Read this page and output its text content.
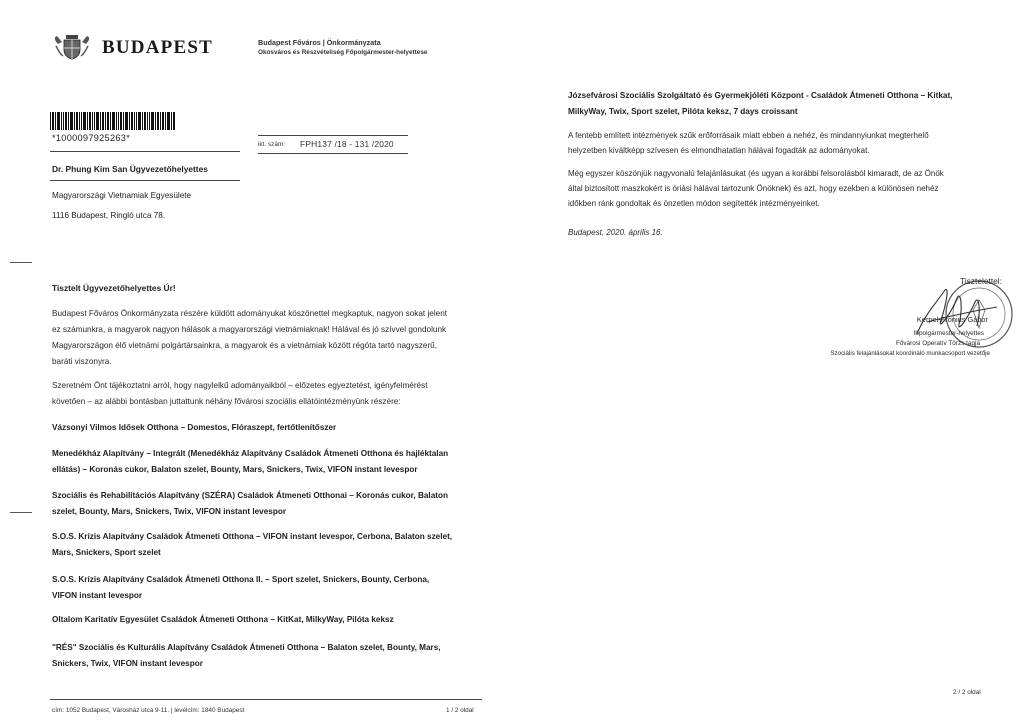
BUDAPEST	Budapest Főváros | Önkormányzata
Okosváros és Részvételiség Főpolgármester-helyettese
*1000097925263*
ikt. szám: FPH137 /18 - 131 /2020
Dr. Phung Kim San Ügyvezetőhelyettes
Magyarországi Vietnamiak Egyesülete
1116 Budapest, Ringló utca 78.
Tisztelt Ügyvezetőhelyettes Úr!
Budapest Főváros Önkormányzata részére küldött adományukat köszönettel megkaptuk, nagyon sokat jelent
ez számunkra, a magyarok nagyon hálások a magyarországi vietnámiaknak! Hálával és jó szívvel gondolunk
Magyarországon élő vietnámi polgártársainkra, a magyarok és a vietnámiak között régóta tartó nagyszerű,
baráti viszonyra.
Szeretném Önt tájékoztatni arról, hogy nagylelkű adományaikból – előzetes egyeztetést, igényfelmérést
követően – az alábbi bontásban juttattunk néhány fővárosi szociális ellátóintézményünk részére:
Vázsonyi Vilmos Idősek Otthona – Domestos, Flóraszept, fertőtlenítőszer
Menedékház Alapítvány – Integrált (Menedékház Alapítvány Családok Átmeneti Otthona és hajléktalan
ellátás) – Koronás cukor, Balaton szelet, Bounty, Mars, Snickers, Twix, VIFON instant levespor
Szociális és Rehabilitációs Alapítvány (SZÉRA) Családok Átmeneti Otthonai – Koronás cukor, Balaton
szelet, Bounty, Mars, Snickers, Twix, VIFON instant levespor
S.O.S. Krízis Alapítvány Családok Átmeneti Otthona – VIFON instant levespor, Cerbona, Balaton szelet,
Mars, Snickers, Sport szelet
S.O.S. Krízis Alapítvány Családok Átmeneti Otthona II. – Sport szelet, Snickers, Bounty, Cerbona,
VIFON instant levespor
Oltalom Karitatív Egyesület Családok Átmeneti Otthona – KitKat, MilkyWay, Pilóta keksz
"RÉS" Szociális és Kulturális Alapítvány Családok Átmeneti Otthona – Balaton szelet, Bounty, Mars,
Snickers, Twix, VIFON instant levespor
cím: 1052 Budapest, Városház utca 9-11. | levélcím: 1840 Budapest	1 / 2 oldal
Józsefvárosi Szociális Szolgáltató és Gyermekjóléti Központ - Családok Átmeneti Otthona – Kitkat,
MilkyWay, Twix, Sport szelet, Pilóta keksz, 7 days croissant
A fentebb említett intézmények szűk erőforrásaik miatt ebben a nehéz, és mindannyiunkat megterhelő
helyzetben kiváltképp szívesen és elmondhatatlan hálával fogadták az adományokat.
Még egyszer köszönjük nagyvonalú felajánlásukat (és ugyan a korábbi felsorolásból kimaradt, de az Önök
által biztosított maszkokért is óriási hálával tartozunk Önöknek) és azt, hogy ezekben a különösen nehéz
időkben ránk gondoltak és önzetlen módon segítették intézményeinket.
Budapest, 2020. április 16.
Tisztelettel:
Kerpel-Fronius Gábor
főpolgármester-helyettes
Fővárosi Operatív Törzs tagja
Szociális felajánlásokat koordináló munkacsoport vezetője
2 / 2 oldal
